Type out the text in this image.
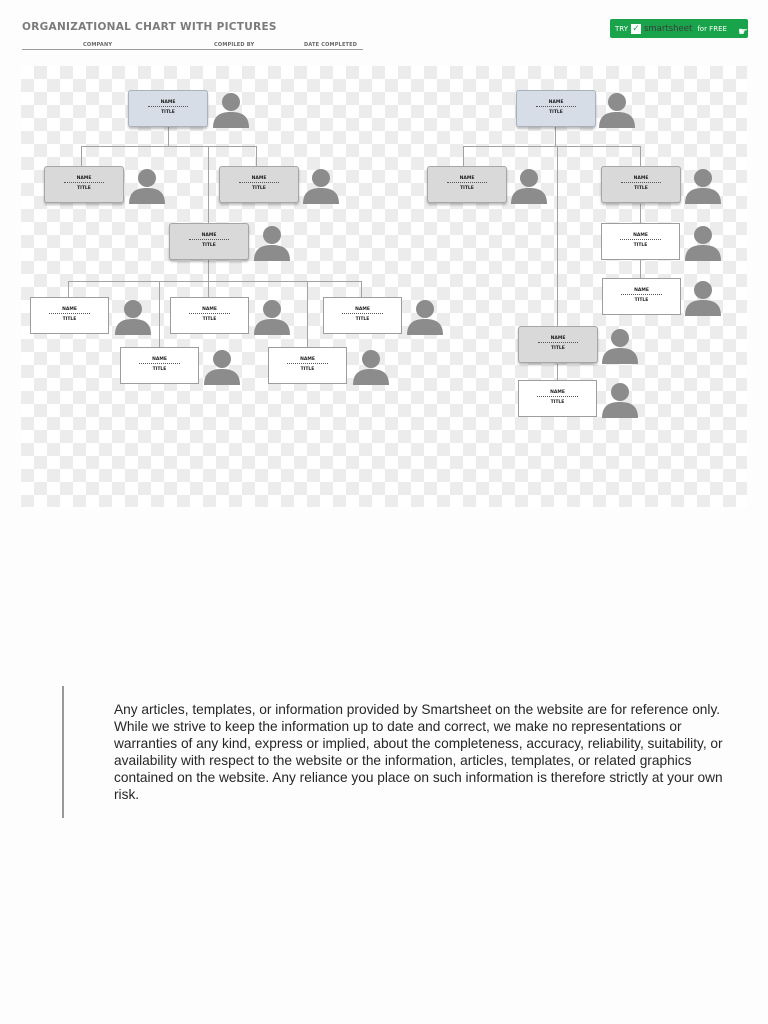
ORGANIZATIONAL CHART WITH PICTURES
COMPANY	COMPILED BY	DATE COMPLETED
TRY ✓ smartsheet for FREE ☛
NAME
TITLE
NAME
TITLE
NAME
TITLE
NAME
TITLE
NAME
TITLE
NAME
TITLE
NAME
TITLE
NAME
TITLE
NAME
TITLE
NAME
TITLE
NAME
TITLE
NAME
TITLE
NAME
TITLE
NAME
TITLE
NAME
TITLE
NAME
TITLE
Any articles, templates, or information provided by Smartsheet on the website are for reference only.
While we strive to keep the information up to date and correct, we make no representations or
warranties of any kind, express or implied, about the completeness, accuracy, reliability, suitability, or
availability with respect to the website or the information, articles, templates, or related graphics
contained on the website. Any reliance you place on such information is therefore strictly at your own
risk.
